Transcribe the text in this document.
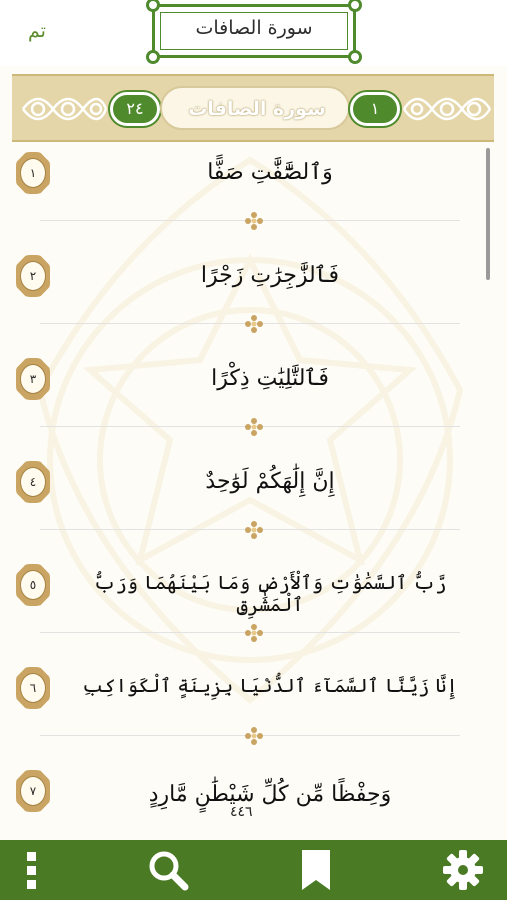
تم	سورة الصافات
٢٤	سورة الصافات	١
١	وَٱلصَّٰٓفَّٰتِ صَفًّا
٢	فَٱلزَّٰجِرَٰتِ زَجْرًا
٣	فَٱلتَّٰلِيَٰتِ ذِكْرًا
٤	إِنَّ إِلَٰهَكُمْ لَوَٰحِدٌ
٥	رَّبُّ ٱلسَّمَٰوَٰتِ وَٱلْأَرْضِ وَمَا بَيْنَهُمَا وَرَبُّ ٱلْمَشَٰرِقِ
٦	إِنَّا زَيَّنَّا ٱلسَّمَآءَ ٱلدُّنْيَا بِزِينَةٍ ٱلْكَوَاكِبِ
٧	وَحِفْظًا مِّن كُلِّ شَيْطَٰنٍ مَّارِدٍ
٤٤٦
